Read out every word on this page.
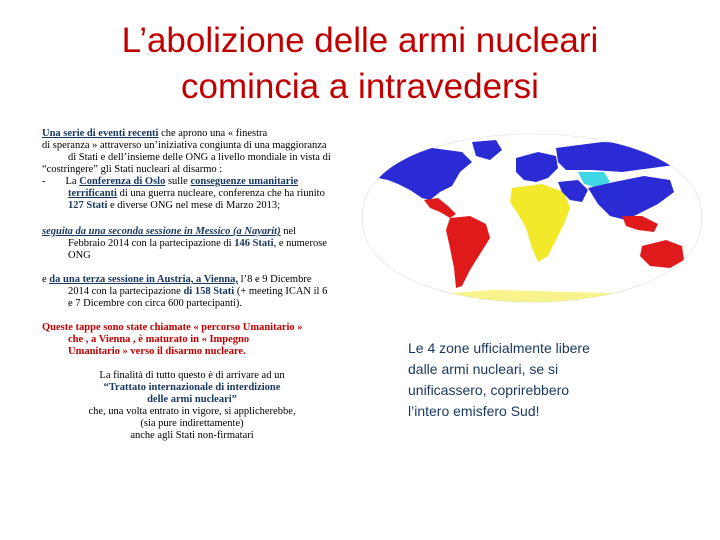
L’abolizione delle armi nucleari
comincia a intravedersi
Una serie di eventi recenti che aprono una « finestra
di speranza » attraverso un’iniziativa congiunta di una maggioranza
di Stati e dell’insieme delle ONG a livello mondiale in vista di
“costringere” gli Stati nucleari al disarmo :
- La Conferenza di Oslo sulle conseguenze umanitarie
terrificanti di una guerra nucleare, conferenza che ha riunito
127 Stati e diverse ONG nel mese di Marzo 2013;
seguita da una seconda sessione in Messico (a Nayarit) nel
Febbraio 2014 con la partecipazione di 146 Stati, e numerose
ONG
e da una terza sessione in Austria, a Vienna, l’8 e 9 Dicembre
2014 con la partecipazione di 158 Stati (+ meeting ICAN il 6
e 7 Dicembre con circa 600 partecipanti).
Queste tappe sono state chiamate « percorso Umanitario »
che , a Vienna , è maturato in « Impegno
Umanitario » verso il disarmo nucleare.
La finalità di tutto questo è di arrivare ad un
“Trattato internazionale di interdizione
delle armi nucleari”
che, una volta entrato in vigore, si applicherebbe,
(sia pure indirettamente)
anche agli Stati non-firmatari
Le 4 zone ufficialmente libere
dalle armi nucleari, se si
unificassero, coprirebbero
l’intero emisfero Sud!
